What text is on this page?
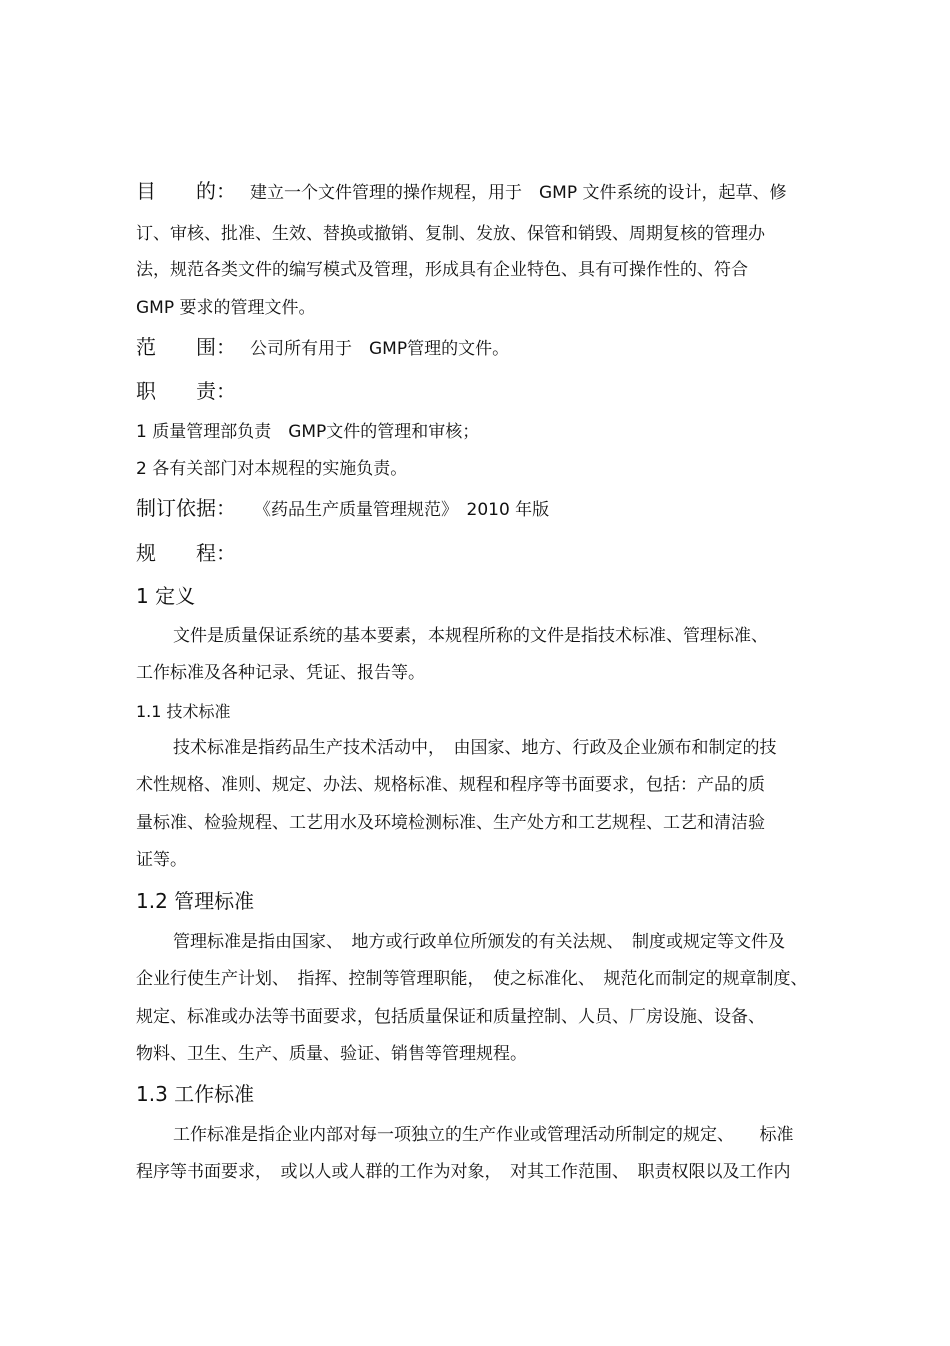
目　　的： 建立一个文件管理的操作规程，用于　GMP 文件系统的设计，起草、修
订、审核、批准、生效、替换或撤销、复制、发放、保管和销毁、周期复核的管理办
法，规范各类文件的编写模式及管理，形成具有企业特色、具有可操作性的、符合
GMP 要求的管理文件。
范　　围： 公司所有用于　GMP管理的文件。
职　　责：
1 质量管理部负责　GMP文件的管理和审核；
2 各有关部门对本规程的实施负责。
制订依据： 《药品生产质量管理规范》　2010 年版
规　　程：
1 定义
文件是质量保证系统的基本要素，本规程所称的文件是指技术标准、管理标准、
工作标准及各种记录、凭证、报告等。
1.1 技术标准
技术标准是指药品生产技术活动中，　由国家、地方、行政及企业颁布和制定的技
术性规格、准则、规定、办法、规格标准、规程和程序等书面要求，包括：产品的质
量标准、检验规程、工艺用水及环境检测标准、生产处方和工艺规程、工艺和清洁验
证等。
1.2 管理标准
管理标准是指由国家、　地方或行政单位所颁发的有关法规、　制度或规定等文件及
企业行使生产计划、　指挥、控制等管理职能，　使之标准化、　规范化而制定的规章制度、
规定、标准或办法等书面要求，包括质量保证和质量控制、人员、厂房设施、设备、
物料、卫生、生产、质量、验证、销售等管理规程。
1.3 工作标准
工作标准是指企业内部对每一项独立的生产作业或管理活动所制定的规定、　　标准
程序等书面要求，　或以人或人群的工作为对象，　对其工作范围、　职责权限以及工作内
